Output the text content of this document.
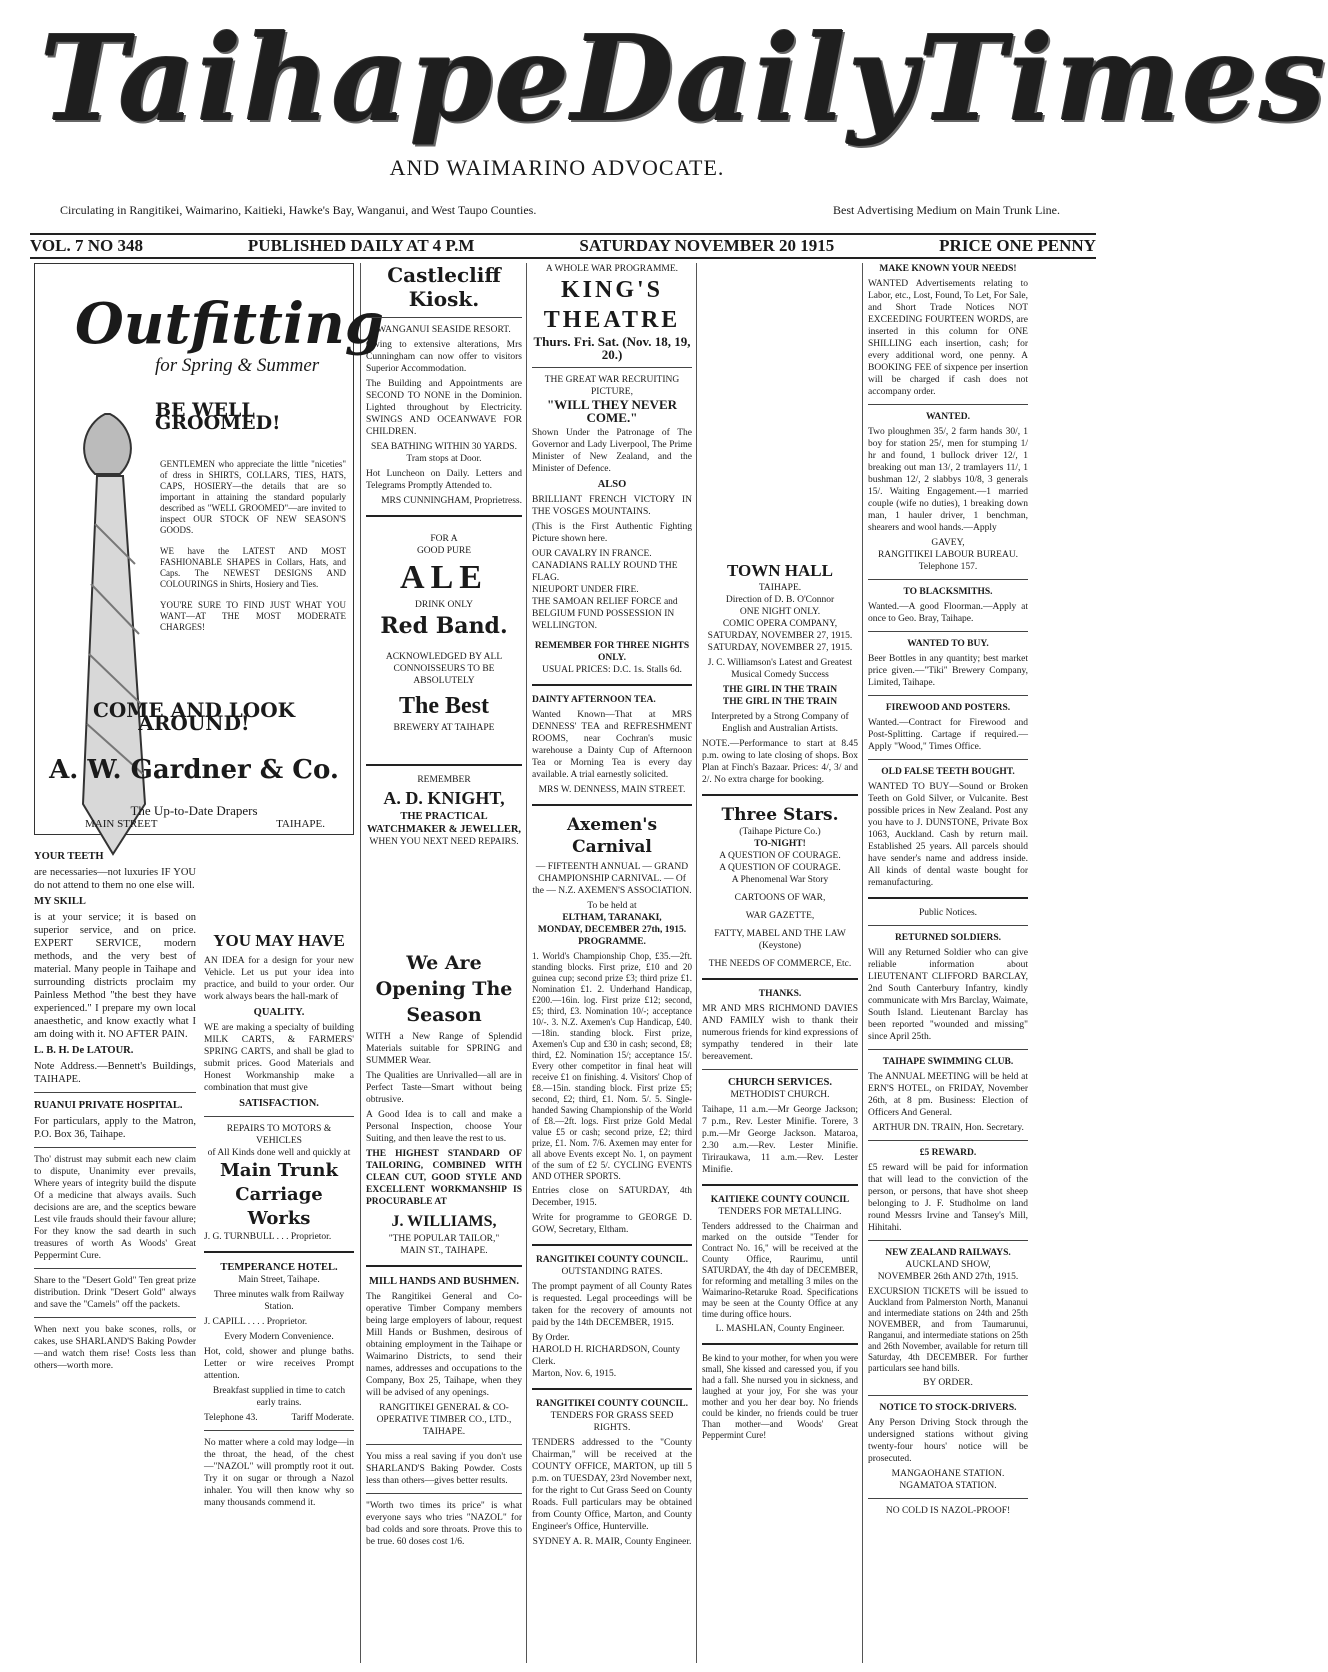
Taihape Daily Times
AND WAIMARINO ADVOCATE.
Circulating in Rangitikei, Waimarino, Kaitieki, Hawke's Bay, Wanganui, and West Taupo Counties.	Best Advertising Medium on Main Trunk Line.
VOL. 7 NO 348	PUBLISHED DAILY AT 4 P.M	SATURDAY NOVEMBER 20 1915	PRICE ONE PENNY
Outfitting
for Spring & Summer
BE WELL GROOMED!

GENTLEMEN who appreciate the little "niceties" of dress in SHIRTS, COLLARS, TIES, HATS, CAPS, HOSIERY—the details that are so important in attaining the standard popularly described as "WELL GROOMED"—are invited to inspect OUR STOCK OF NEW SEASON'S GOODS.

WE have the LATEST AND MOST FASHIONABLE SHAPES in Collars, Hats, and Caps. The NEWEST DESIGNS AND COLOURINGS in Shirts, Hosiery and Ties.

YOU'RE SURE TO FIND JUST WHAT YOU WANT—AT THE MOST MODERATE CHARGES!

COME AND LOOK AROUND!
A. W. Gardner & Co.
The Up-to-Date Drapers
MAIN STREET	TAIHAPE.
YOUR TEETH

are necessaries—not luxuries IF YOU do not attend to them no one else will.

MY SKILL

is at your service; it is based on superior service, and on price. EXPERT SERVICE, modern methods, and the very best of material. Many people in Taihape and surrounding districts proclaim my Painless Method "the best they have experienced." I prepare my own local anaesthetic, and know exactly what I am doing with it. NO AFTER PAIN.

L. B. H. De LATOUR.

Note Address.—Bennett's Buildings, TAIHAPE.

RUANUI PRIVATE HOSPITAL.

For particulars, apply to the Matron, P.O. Box 36, Taihape.

Tho' distrust may submit each new claim to dispute, Unanimity ever prevails, Where years of integrity build the dispute Of a medicine that always avails. Such decisions are are, and the sceptics beware Lest vile frauds should their favour allure; For they know the sad dearth in such treasures of worth As Woods' Great Peppermint Cure.

Share to the "Desert Gold" Ten great prize distribution. Drink "Desert Gold" always and save the "Camels" off the packets.

When next you bake scones, rolls, or cakes, use SHARLAND'S Baking Powder—and watch them rise! Costs less than others—worth more.

Castlecliff Kiosk.
WANGANUI SEASIDE RESORT.

Owing to extensive alterations, Mrs Cunningham can now offer to visitors Superior Accommodation.

The Building and Appointments are SECOND TO NONE in the Dominion. Lighted throughout by Electricity. SWINGS AND OCEANWAVE FOR CHILDREN.

SEA BATHING WITHIN 30 YARDS. Tram stops at Door.

Hot Luncheon on Daily. Letters and Telegrams Promptly Attended to.

MRS CUNNINGHAM, Proprietress.

FOR A
GOOD PURE
ALE
DRINK ONLY
Red Band.

ACKNOWLEDGED BY ALL CONNOISSEURS TO BE ABSOLUTELY

The Best
BREWERY AT TAIHAPE
REMEMBER
A. D. KNIGHT,
THE PRACTICAL WATCHMAKER & JEWELLER,
WHEN YOU NEXT NEED REPAIRS.
YOU MAY HAVE

AN IDEA for a design for your new Vehicle. Let us put your idea into practice, and build to your order. Our work always bears the hall-mark of

QUALITY.

WE are making a specialty of building MILK CARTS, & FARMERS' SPRING CARTS, and shall be glad to submit prices. Good Materials and Honest Workmanship make a combination that must give

SATISFACTION.
REPAIRS TO MOTORS & VEHICLES
of All Kinds done well and quickly at
Main Trunk Carriage Works
J. G. TURNBULL . . . Proprietor.
TEMPERANCE HOTEL.
Main Street, Taihape.

Three minutes walk from Railway Station.

J. CAPILL . . . . Proprietor.

Every Modern Convenience.

Hot, cold, shower and plunge baths. Letter or wire receives Prompt attention.

Breakfast supplied in time to catch early trains.

Telephone 43.	Tariff Moderate.

No matter where a cold may lodge—in the throat, the head, of the chest—"NAZOL" will promptly root it out. Try it on sugar or through a Nazol inhaler. You will then know why so many thousands commend it.

We Are Opening The Season

WITH a New Range of Splendid Materials suitable for SPRING and SUMMER Wear.

The Qualities are Unrivalled—all are in Perfect Taste—Smart without being obtrusive.

A Good Idea is to call and make a Personal Inspection, choose Your Suiting, and then leave the rest to us.

THE HIGHEST STANDARD OF TAILORING, COMBINED WITH CLEAN CUT, GOOD STYLE AND EXCELLENT WORKMANSHIP IS PROCURABLE AT

J. WILLIAMS,
"THE POPULAR TAILOR,"
MAIN ST., TAIHAPE.
MILL HANDS AND BUSHMEN.

The Rangitikei General and Co-operative Timber Company members being large employers of labour, request Mill Hands or Bushmen, desirous of obtaining employment in the Taihape or Waimarino Districts, to send their names, addresses and occupations to the Company, Box 25, Taihape, when they will be advised of any openings.

RANGITIKEI GENERAL & CO-OPERATIVE TIMBER CO., LTD., TAIHAPE.

You miss a real saving if you don't use SHARLAND'S Baking Powder. Costs less than others—gives better results.

"Worth two times its price" is what everyone says who tries "NAZOL" for bad colds and sore throats. Prove this to be true. 60 doses cost 1/6.

A WHOLE WAR PROGRAMME.
KING'S THEATRE
Thurs. Fri. Sat. (Nov. 18, 19, 20.)
THE GREAT WAR RECRUITING PICTURE,
"WILL THEY NEVER COME."

Shown Under the Patronage of The Governor and Lady Liverpool, The Prime Minister of New Zealand, and the Minister of Defence.

ALSO

BRILLIANT FRENCH VICTORY IN THE VOSGES MOUNTAINS.

(This is the First Authentic Fighting Picture shown here.

OUR CAVALRY IN FRANCE.
CANADIANS RALLY ROUND THE FLAG.
NIEUPORT UNDER FIRE.
THE SAMOAN RELIEF FORCE and
BELGIUM FUND POSSESSION IN WELLINGTON.
REMEMBER FOR THREE NIGHTS ONLY.
USUAL PRICES: D.C. 1s. Stalls 6d.
DAINTY AFTERNOON TEA.

Wanted Known—That at MRS DENNESS' TEA and REFRESHMENT ROOMS, near Cochran's music warehouse a Dainty Cup of Afternoon Tea or Morning Tea is every day available. A trial earnestly solicited.

MRS W. DENNESS, MAIN STREET.
Axemen's Carnival

— FIFTEENTH ANNUAL — GRAND CHAMPIONSHIP CARNIVAL. — Of the — N.Z. AXEMEN'S ASSOCIATION.

To be held at
ELTHAM, TARANAKI,
MONDAY, DECEMBER 27th, 1915.
PROGRAMME.

1. World's Championship Chop, £35.—2ft. standing blocks. First prize, £10 and 20 guinea cup; second prize £3; third prize £1. Nomination £1. 2. Underhand Handicap, £200.—16in. log. First prize £12; second, £5; third, £3. Nomination 10/-; acceptance 10/-. 3. N.Z. Axemen's Cup Handicap, £40. —18in. standing block. First prize, Axemen's Cup and £30 in cash; second, £8; third, £2. Nomination 15/; acceptance 15/. Every other competitor in final heat will receive £1 on finishing. 4. Visitors' Chop of £8.—15in. standing block. First prize £5; second, £2; third, £1. Nom. 5/. 5. Single-handed Sawing Championship of the World of £8.—2ft. logs. First prize Gold Medal value £5 or cash; second prize, £2; third prize, £1. Nom. 7/6. Axemen may enter for all above Events except No. 1, on payment of the sum of £2 5/. CYCLING EVENTS AND OTHER SPORTS.

Entries close on SATURDAY, 4th December, 1915.

Write for programme to GEORGE D. GOW, Secretary, Eltham.

RANGITIKEI COUNTY COUNCIL.
OUTSTANDING RATES.

The prompt payment of all County Rates is requested. Legal proceedings will be taken for the recovery of amounts not paid by the 14th DECEMBER, 1915.

By Order.
HAROLD H. RICHARDSON, County Clerk.
Marton, Nov. 6, 1915.
RANGITIKEI COUNTY COUNCIL.
TENDERS FOR GRASS SEED RIGHTS.

TENDERS addressed to the "County Chairman," will be received at the COUNTY OFFICE, MARTON, up till 5 p.m. on TUESDAY, 23rd November next, for the right to Cut Grass Seed on County Roads. Full particulars may be obtained from County Office, Marton, and County Engineer's Office, Hunterville.

SYDNEY A. R. MAIR, County Engineer.
TOWN HALL
TAIHAPE.
Direction of D. B. O'Connor
ONE NIGHT ONLY.
COMIC OPERA COMPANY,
SATURDAY, NOVEMBER 27, 1915.
SATURDAY, NOVEMBER 27, 1915.

J. C. Williamson's Latest and Greatest Musical Comedy Success

THE GIRL IN THE TRAIN
THE GIRL IN THE TRAIN

Interpreted by a Strong Company of English and Australian Artists.

NOTE.—Performance to start at 8.45 p.m. owing to late closing of shops. Box Plan at Finch's Bazaar. Prices: 4/, 3/ and 2/. No extra charge for booking.

Three Stars.
(Taihape Picture Co.)
TO-NIGHT!
A QUESTION OF COURAGE.
A QUESTION OF COURAGE.
A Phenomenal War Story
CARTOONS OF WAR,
WAR GAZETTE,
FATTY, MABEL AND THE LAW (Keystone)
THE NEEDS OF COMMERCE, Etc.
THANKS.

MR AND MRS RICHMOND DAVIES AND FAMILY wish to thank their numerous friends for kind expressions of sympathy tendered in their late bereavement.

CHURCH SERVICES.
METHODIST CHURCH.

Taihape, 11 a.m.—Mr George Jackson; 7 p.m., Rev. Lester Minifie. Torere, 3 p.m.—Mr George Jackson. Mataroa, 2.30 a.m.—Rev. Lester Minifie. Tiriraukawa, 11 a.m.—Rev. Lester Minifie.

KAITIEKE COUNTY COUNCIL
TENDERS FOR METALLING.

Tenders addressed to the Chairman and marked on the outside "Tender for Contract No. 16," will be received at the County Office, Raurimu, until SATURDAY, the 4th day of DECEMBER, for reforming and metalling 3 miles on the Waimarino-Retaruke Road. Specifications may be seen at the County Office at any time during office hours.

L. MASHLAN, County Engineer.

Be kind to your mother, for when you were small, She kissed and caressed you, if you had a fall. She nursed you in sickness, and laughed at your joy, For she was your mother and you her dear boy. No friends could be kinder, no friends could be truer Than mother—and Woods' Great Peppermint Cure!

MAKE KNOWN YOUR NEEDS!

WANTED Advertisements relating to Labor, etc., Lost, Found, To Let, For Sale, and Short Trade Notices NOT EXCEEDING FOURTEEN WORDS, are inserted in this column for ONE SHILLING each insertion, cash; for every additional word, one penny. A BOOKING FEE of sixpence per insertion will be charged if cash does not accompany order.

WANTED.

Two ploughmen 35/, 2 farm hands 30/, 1 boy for station 25/, men for stumping 1/ hr and found, 1 bullock driver 12/, 1 breaking out man 13/, 2 tramlayers 11/, 1 bushman 12/, 2 slabbys 10/8, 3 generals 15/. Waiting Engagement.—1 married couple (wife no duties), 1 breaking down man, 1 hauler driver, 1 benchman, shearers and wool hands.—Apply

GAVEY,
RANGITIKEI LABOUR BUREAU.
Telephone 157.
TO BLACKSMITHS.

Wanted.—A good Floorman.—Apply at once to Geo. Bray, Taihape.

WANTED TO BUY.

Beer Bottles in any quantity; best market price given.—"Tiki" Brewery Company, Limited, Taihape.

FIREWOOD AND POSTERS.

Wanted.—Contract for Firewood and Post-Splitting. Cartage if required.—Apply "Wood," Times Office.

OLD FALSE TEETH BOUGHT.

WANTED TO BUY—Sound or Broken Teeth on Gold Silver, or Vulcanite. Best possible prices in New Zealand. Post any you have to J. DUNSTONE, Private Box 1063, Auckland. Cash by return mail. Established 25 years. All parcels should have sender's name and address inside. All kinds of dental waste bought for remanufacturing.

Public Notices.
RETURNED SOLDIERS.

Will any Returned Soldier who can give reliable information about LIEUTENANT CLIFFORD BARCLAY, 2nd South Canterbury Infantry, kindly communicate with Mrs Barclay, Waimate, South Island. Lieutenant Barclay has been reported "wounded and missing" since April 25th.

TAIHAPE SWIMMING CLUB.

The ANNUAL MEETING will be held at ERN'S HOTEL, on FRIDAY, November 26th, at 8 pm. Business: Election of Officers And General.

ARTHUR DN. TRAIN, Hon. Secretary.
£5 REWARD.

£5 reward will be paid for information that will lead to the conviction of the person, or persons, that have shot sheep belonging to J. F. Studholme on land round Messrs Irvine and Tansey's Mill, Hihitahi.

NEW ZEALAND RAILWAYS.
AUCKLAND SHOW,
NOVEMBER 26th AND 27th, 1915.

EXCURSION TICKETS will be issued to Auckland from Palmerston North, Mananui and intermediate stations on 24th and 25th NOVEMBER, and from Taumarunui, Ranganui, and intermediate stations on 25th and 26th November, available for return till Saturday, 4th DECEMBER. For further particulars see hand bills.

BY ORDER.
NOTICE TO STOCK-DRIVERS.

Any Person Driving Stock through the undersigned stations without giving twenty-four hours' notice will be prosecuted.

MANGAOHANE STATION.
NGAMATOA STATION.
NO COLD IS NAZOL-PROOF!
